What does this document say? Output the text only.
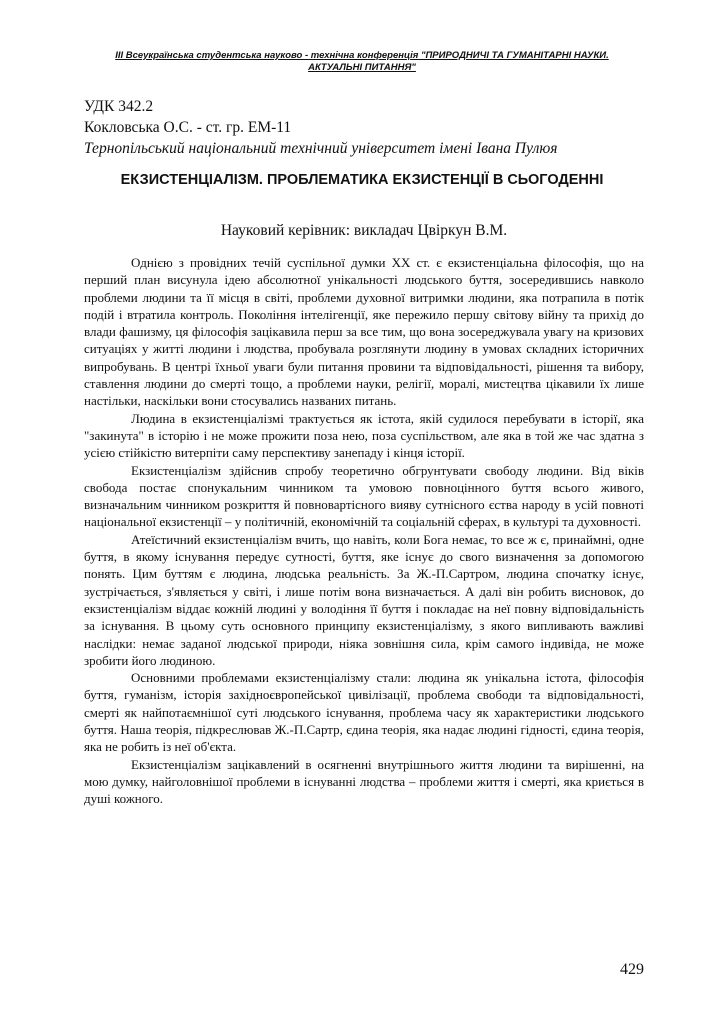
ІІІ Всеукраїнська студентська науково - технічна конференція "ПРИРОДНИЧІ ТА ГУМАНІТАРНІ НАУКИ.
АКТУАЛЬНІ ПИТАННЯ"
УДК 342.2
Кокловська О.С. - ст. гр. ЕМ-11
Тернопільський національний технічний університет імені Івана Пулюя
ЕКЗИСТЕНЦІАЛІЗМ. ПРОБЛЕМАТИКА ЕКЗИСТЕНЦІЇ В СЬОГОДЕННІ
Науковий керівник: викладач Цвіркун В.М.

Однією з провідних течій суспільної думки XX ст. є екзистенціальна філософія, що на перший план висунула ідею абсолютної унікальності людського буття, зосередившись навколо проблеми людини та її місця в світі, проблеми духовної витримки людини, яка потрапила в потік подій і втратила контроль. Покоління інтелігенції, яке пережило першу світову війну та прихід до влади фашизму, ця філософія зацікавила перш за все тим, що вона зосереджувала увагу на кризових ситуаціях у житті людини і людства, пробувала розглянути людину в умовах складних історичних випробувань. В центрі їхньої уваги були питання провини та відповідальності, рішення та вибору, ставлення людини до смерті тощо, а проблеми науки, релігії, моралі, мистецтва цікавили їх лише настільки, наскільки вони стосувались названих питань.

Людина в екзистенціалізмі трактується як істота, якій судилося перебувати в історії, яка "закинута" в історію і не може прожити поза нею, поза суспільством, але яка в той же час здатна з усією стійкістю витерпіти саму перспективу занепаду і кінця історії.

Екзистенціалізм здійснив спробу теоретично обгрунтувати свободу людини. Від віків свобода постає спонукальним чинником та умовою повноцінного буття всього живого, визначальним чинником розкриття й повновартісного вияву сутнісного єства народу в усій повноті національної екзистенції – у політичній, економічній та соціальній сферах, в культурі та духовності.

Атеїстичний екзистенціалізм вчить, що навіть, коли Бога немає, то все ж є, принаймні, одне буття, в якому існування передує сутності, буття, яке існує до свого визначення за допомогою понять. Цим буттям є людина, людська реальність. За Ж.-П.Сартром, людина спочатку існує, зустрічається, з'являється у світі, і лише потім вона визначається. А далі він робить висновок, до екзистенціалізм віддає кожній людині у володіння її буття і покладає на неї повну відповідальність за існування. В цьому суть основного принципу екзистенціалізму, з якого випливають важливі наслідки: немає заданої людської природи, ніяка зовнішня сила, крім самого індивіда, не може зробити його людиною.

Основними проблемами екзистенціалізму стали: людина як унікальна істота, філософія буття, гуманізм, історія західноєвропейської цивілізації, проблема свободи та відповідальності, смерті як найпотаємнішої суті людського існування, проблема часу як характеристики людського буття. Наша теорія, підкреслював Ж.-П.Сартр, єдина теорія, яка надає людині гідності, єдина теорія, яка не робить із неї об'єкта.

Екзистенціалізм зацікавлений в осягненні внутрішнього життя людини та вирішенні, на мою думку, найголовнішої проблеми в існуванні людства – проблеми життя і смерті, яка криється в душі кожного.

429
